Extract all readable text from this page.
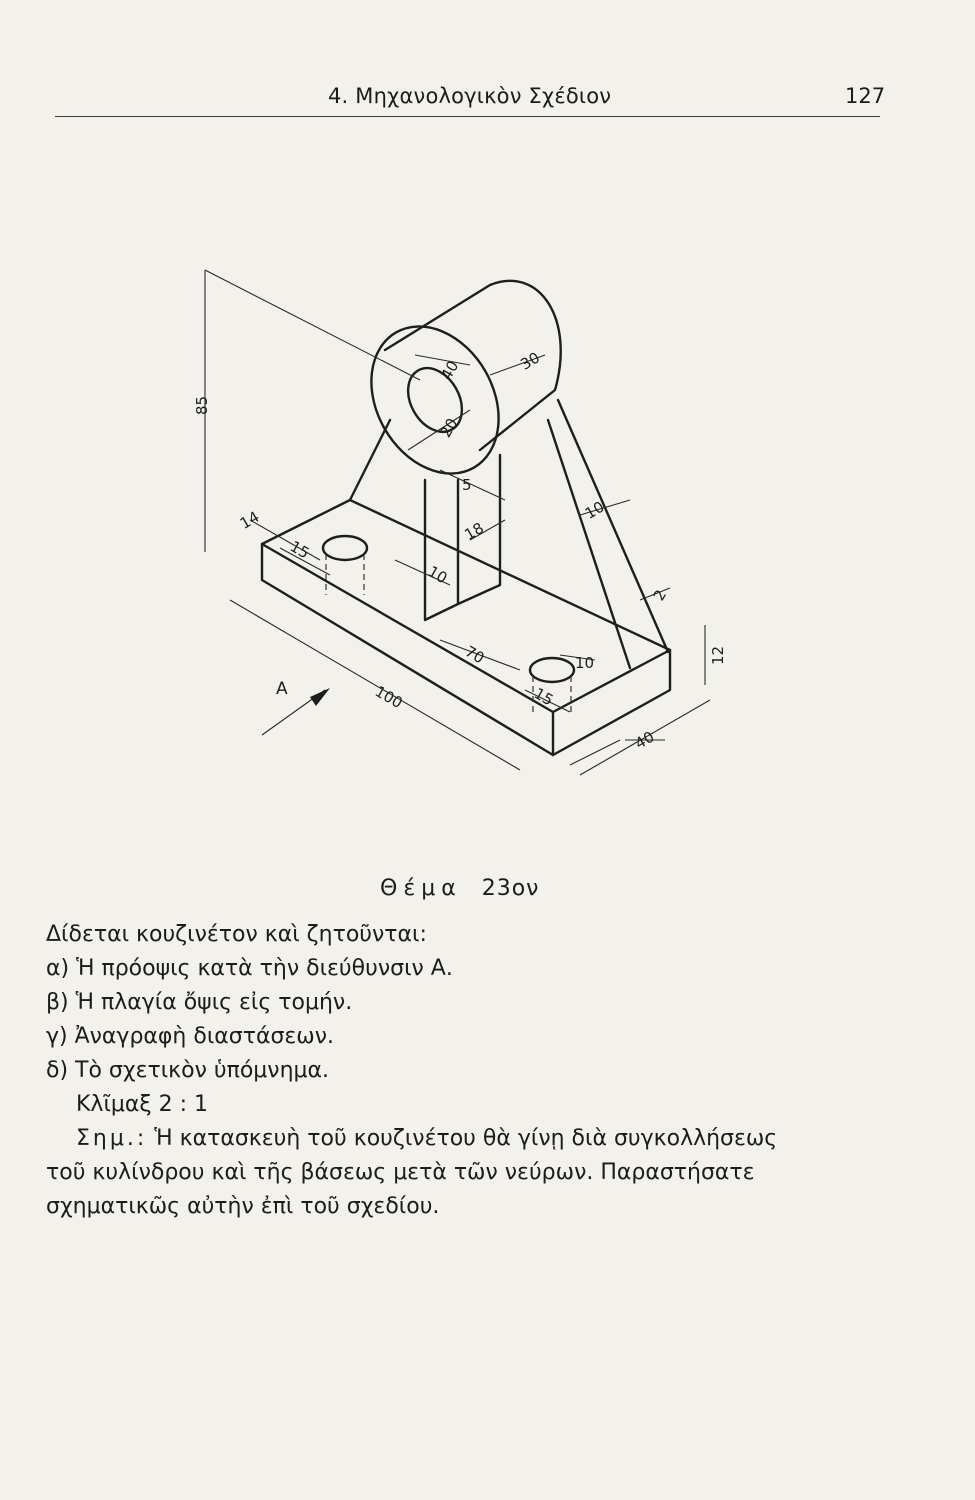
4. Μηχανολογικὸν Σχέδιον	127
85
40	30
20
5
18
10
14
15
10
2
12
70	10
15
100
40
A
Θέμα 23ον
Δίδεται κουζινέτον καὶ ζητοῦνται:
α) Ἡ πρόοψις κατὰ τὴν διεύθυνσιν Α.
β) Ἡ πλαγία ὄψις εἰς τομήν.
γ) Ἀναγραφὴ διαστάσεων.
δ) Τὸ σχετικὸν ὑπόμνημα.
Κλῖμαξ 2 : 1
Σημ.: Ἡ κατασκευὴ τοῦ κουζινέτου θὰ γίνῃ διὰ συγκολλήσεως
τοῦ κυλίνδρου καὶ τῆς βάσεως μετὰ τῶν νεύρων. Παραστήσατε
σχηματικῶς αὐτὴν ἐπὶ τοῦ σχεδίου.
